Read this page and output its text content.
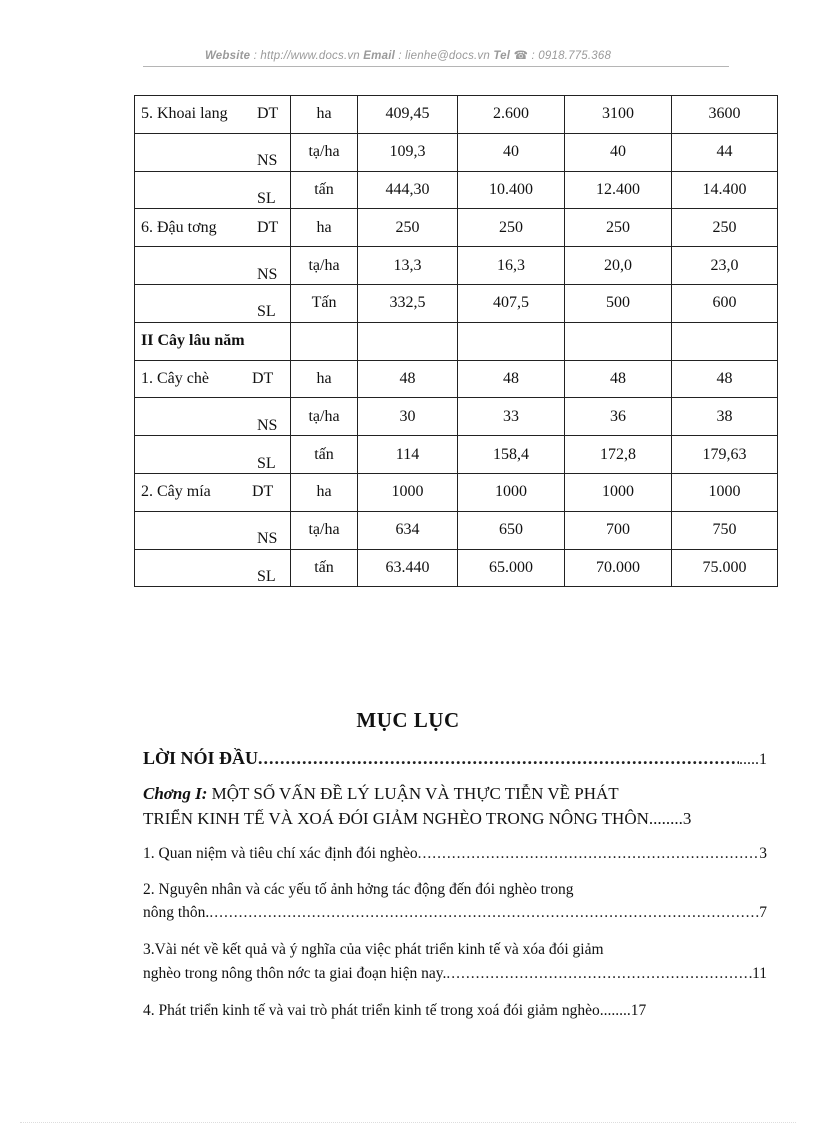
Website : http://www.docs.vn Email : lienhe@docs.vn Tel ☎ : 0918.775.368
5. Khoai lang DT	ha	409,45	2.600	3100	3600

NS	tạ/ha	109,3	40	40	44

SL	tấn	444,30	10.400	12.400	14.400
6. Đậu tơng DT	ha	250	250	250	250

NS	tạ/ha	13,3	16,3	20,0	23,0

SL	Tấn	332,5	407,5	500	600
II Cây lâu năm

1. Cây chè DT	ha	48	48	48	48

NS	tạ/ha	30	33	36	38

SL	tấn	114	158,4	172,8	179,63
2. Cây mía DT	ha	1000	1000	1000	1000

NS	tạ/ha	634	650	700	750

SL	tấn	63.440	65.000	70.000	75.000
MỤC LỤC
LỜI NÓI ĐẦU .....	.....1
Chơng I: MỘT SỐ VẤN ĐỀ LÝ LUẬN VÀ THỰC TIỄN VỀ PHÁT
TRIỂN KINH TẾ VÀ XOÁ ĐÓI GIẢM NGHÈO TRONG NÔNG THÔN........3
1. Quan niệm và tiêu chí xác định đói nghèo .....	3
2. Nguyên nhân và các yếu tố ảnh hởng tác động đến đói nghèo trong
nông thôn. .....	7
3.Vài nét về kết quả và ý nghĩa của việc phát triển kinh tế và xóa đói giảm
nghèo trong nông thôn nớc ta giai đoạn hiện nay. .....	11
4. Phát triển kinh tế và vai trò phát triển kinh tế trong xoá đói giảm nghèo........17
